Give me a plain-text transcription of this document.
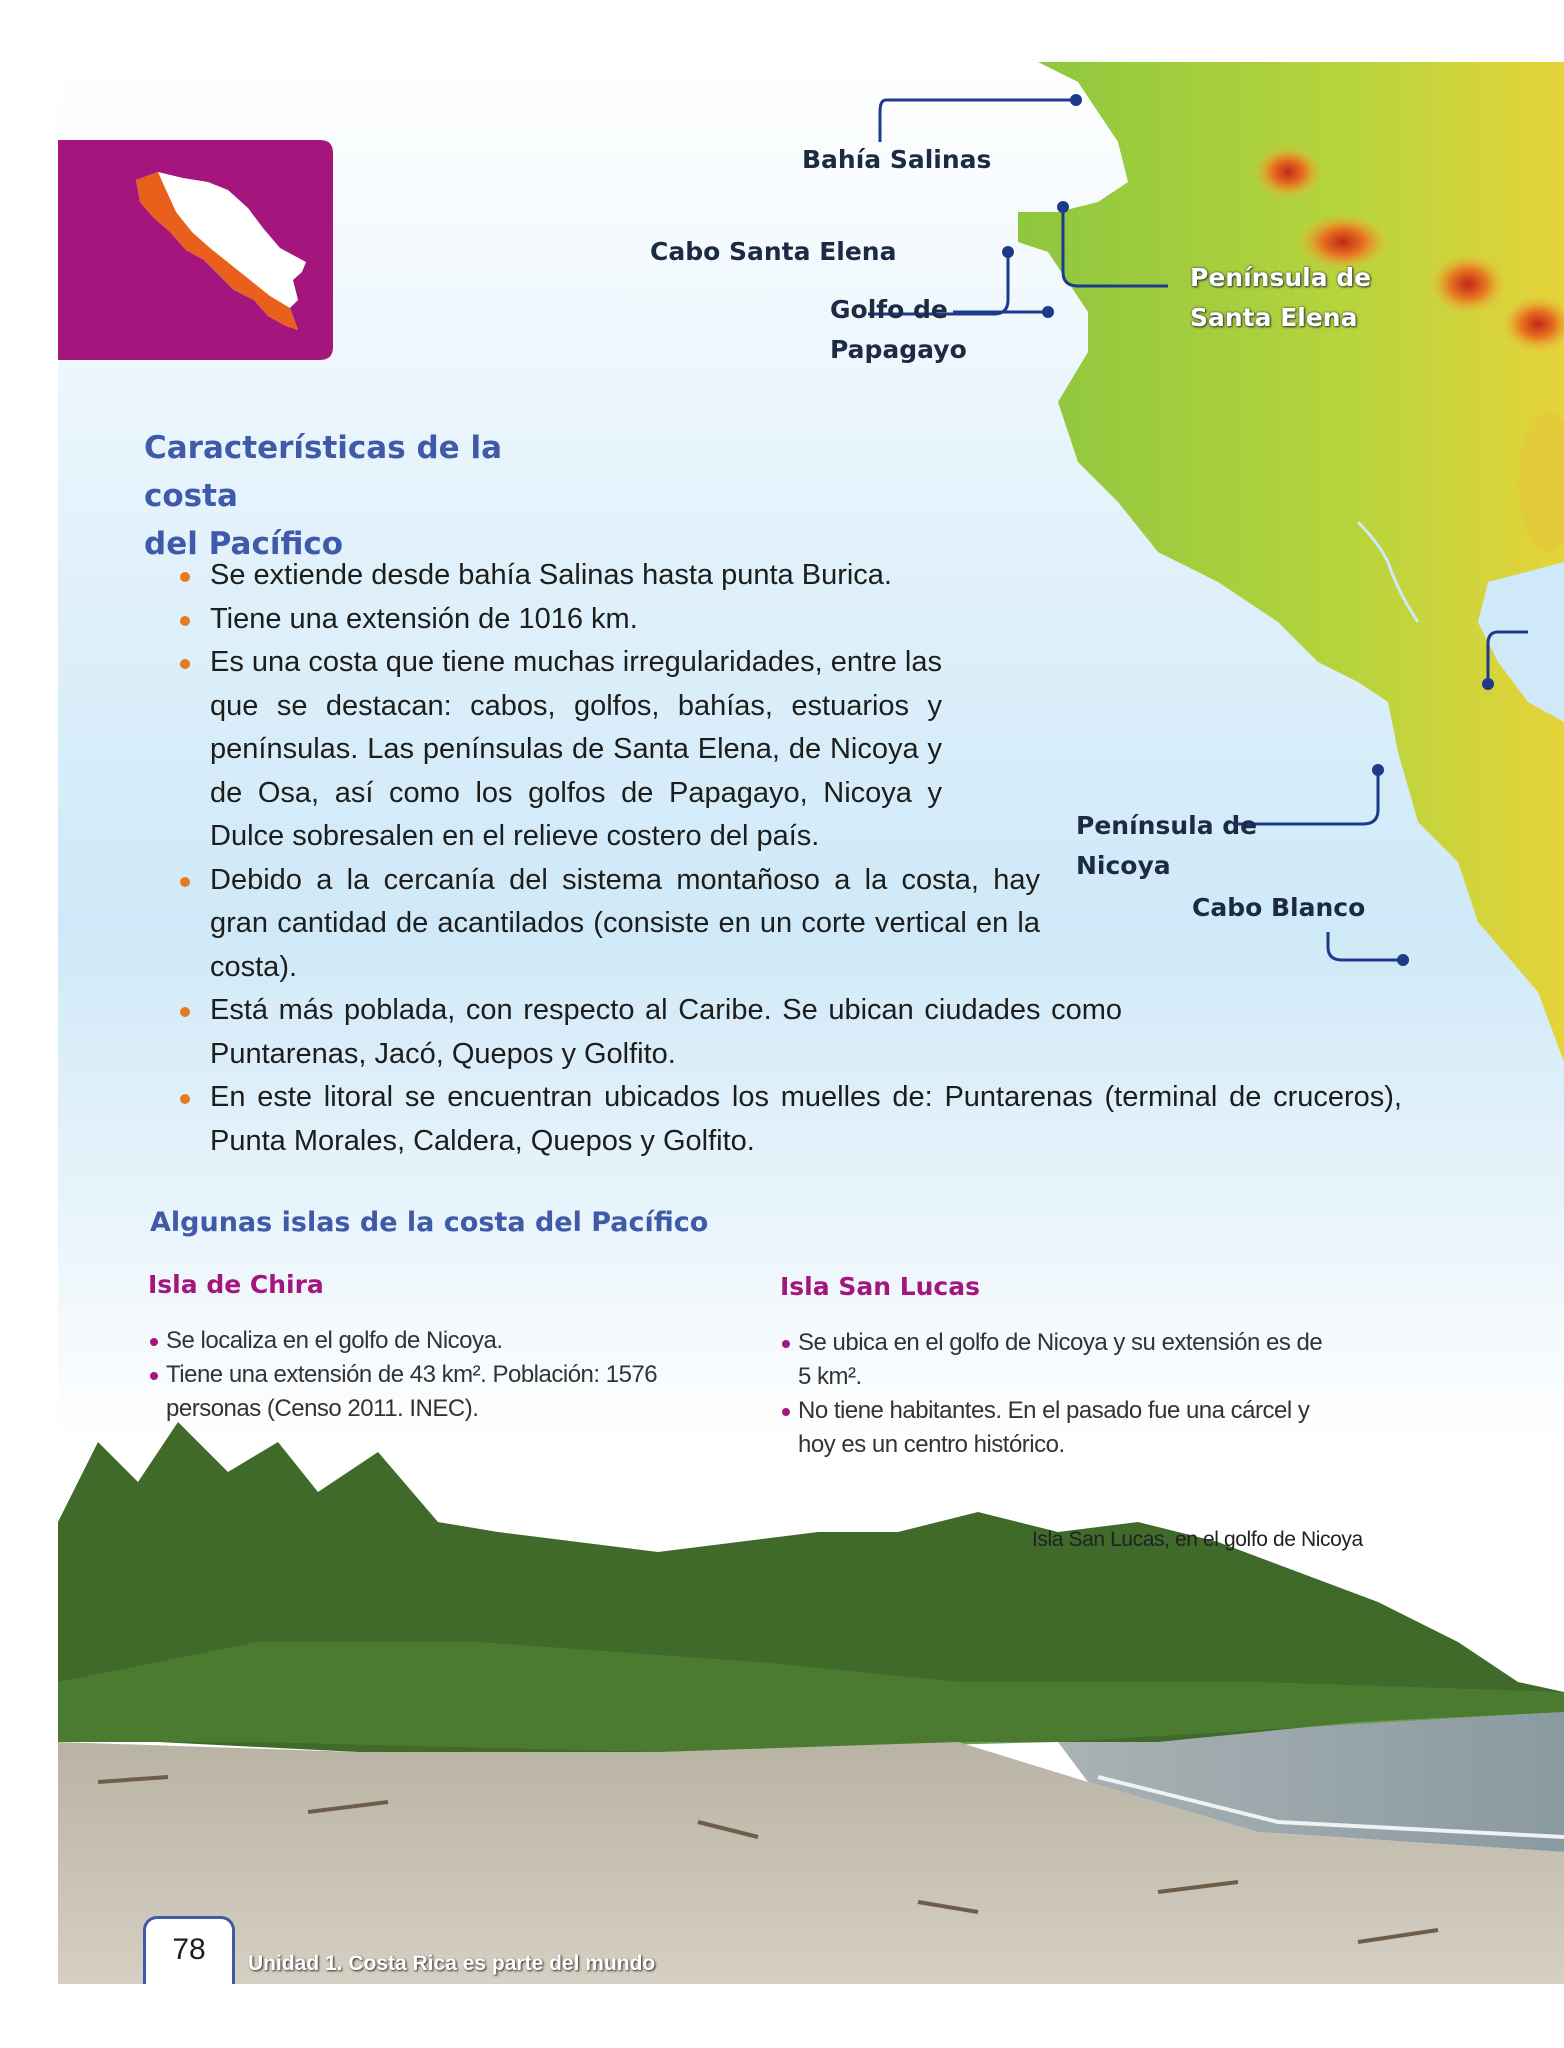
Bahía Salinas
Cabo Santa Elena
Golfo de
Papagayo
Península de
Santa Elena
Península de
Nicoya
Cabo Blanco
Características de la costa
del Pacífico
Se extiende desde bahía Salinas hasta punta Burica.
Tiene una extensión de 1016 km.
Es una costa que tiene muchas irregularidades, entre las que se destacan: cabos, golfos, bahías, estuarios y penínsulas. Las penínsulas de Santa Elena, de Nicoya y de Osa, así como los golfos de Papagayo, Nicoya y Dulce sobresalen en el relieve costero del país.
Debido a la cercanía del sistema montañoso a la costa, hay gran cantidad de acantilados (consiste en un corte vertical en la costa).
Está más poblada, con respecto al Caribe. Se ubican ciudades como Puntarenas, Jacó, Quepos y Golfito.
En este litoral se encuentran ubicados los muelles de: Puntarenas (terminal de cruceros), Punta Morales, Caldera, Quepos y Golfito.
Algunas islas de la costa del Pacífico
Isla de Chira
Se localiza en el golfo de Nicoya.
Tiene una extensión de 43 km². Población: 1576 personas (Censo 2011. INEC).
Isla San Lucas
Se ubica en el golfo de Nicoya y su extensión es de 5 km².
No tiene habitantes. En el pasado fue una cárcel y hoy es un centro histórico.
Isla San Lucas, en el golfo de Nicoya
78	Unidad 1. Costa Rica es parte del mundo
